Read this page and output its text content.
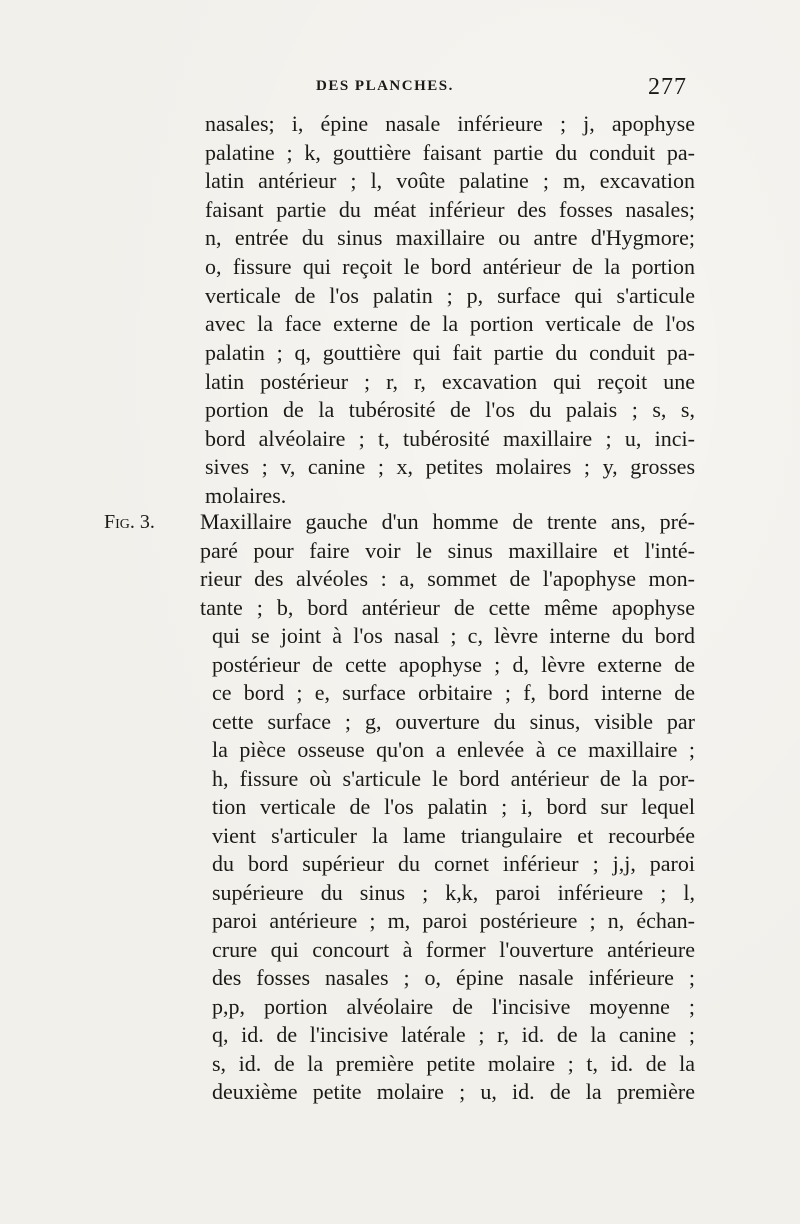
DES PLANCHES.	277
nasales; i, épine nasale inférieure ; j, apophyse
palatine ; k, gouttière faisant partie du conduit pa-
latin antérieur ; l, voûte palatine ; m, excavation
faisant partie du méat inférieur des fosses nasales;
n, entrée du sinus maxillaire ou antre d'Hygmore;
o, fissure qui reçoit le bord antérieur de la portion
verticale de l'os palatin ; p, surface qui s'articule
avec la face externe de la portion verticale de l'os
palatin ; q, gouttière qui fait partie du conduit pa-
latin postérieur ; r, r, excavation qui reçoit une
portion de la tubérosité de l'os du palais ; s, s,
bord alvéolaire ; t, tubérosité maxillaire ; u, inci-
sives ; v, canine ; x, petites molaires ; y, grosses
molaires.
Fig. 3. Maxillaire gauche d'un homme de trente ans, pré-
paré pour faire voir le sinus maxillaire et l'inté-
rieur des alvéoles : a, sommet de l'apophyse mon-
tante ; b, bord antérieur de cette même apophyse
qui se joint à l'os nasal ; c, lèvre interne du bord
postérieur de cette apophyse ; d, lèvre externe de
ce bord ; e, surface orbitaire ; f, bord interne de
cette surface ; g, ouverture du sinus, visible par
la pièce osseuse qu'on a enlevée à ce maxillaire ;
h, fissure où s'articule le bord antérieur de la por-
tion verticale de l'os palatin ; i, bord sur lequel
vient s'articuler la lame triangulaire et recourbée
du bord supérieur du cornet inférieur ; j,j, paroi
supérieure du sinus ; k,k, paroi inférieure ; l,
paroi antérieure ; m, paroi postérieure ; n, échan-
crure qui concourt à former l'ouverture antérieure
des fosses nasales ; o, épine nasale inférieure ;
p,p, portion alvéolaire de l'incisive moyenne ;
q, id. de l'incisive latérale ; r, id. de la canine ;
s, id. de la première petite molaire ; t, id. de la
deuxième petite molaire ; u, id. de la première
